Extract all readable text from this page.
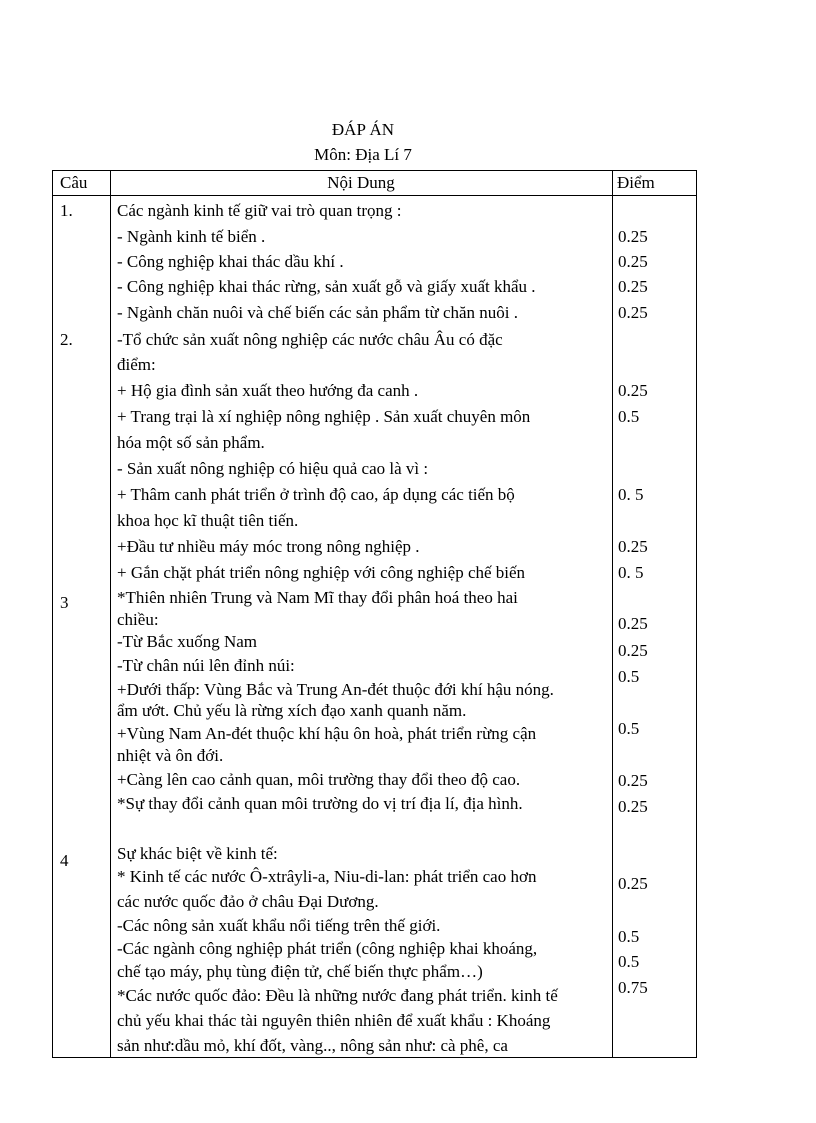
ĐÁP ÁN
Môn: Địa Lí 7
Câu	Nội Dung	Điểm
1.
2.
3
4
Các ngành kinh tế giữ vai trò quan trọng :
- Ngành kinh tế biển .
- Công nghiệp khai thác dầu khí .
- Công nghiệp khai thác rừng, sản xuất gỗ và giấy xuất khẩu .
- Ngành chăn nuôi và chế biến các sản phẩm từ chăn nuôi .
-Tổ chức sản xuất nông nghiệp các nước châu Âu có đặc
điểm:
+ Hộ gia đình sản xuất theo hướng đa canh .
+ Trang trại là xí nghiệp nông nghiệp . Sản xuất chuyên môn
hóa một số sản phẩm.
- Sản xuất nông nghiệp có hiệu quả cao là vì :
+ Thâm canh phát triển ở trình độ cao, áp dụng các tiến bộ
khoa học kĩ thuật tiên tiến.
+Đầu tư nhiều máy móc trong nông nghiệp .
+ Gắn chặt phát triển nông nghiệp với công nghiệp chế biến
*Thiên nhiên Trung và Nam Mĩ thay đổi phân hoá theo hai
chiều:
-Từ Bắc xuống Nam
-Từ chân núi lên đỉnh núi:
+Dưới thấp: Vùng Bắc và Trung An-đét thuộc đới khí hậu nóng.
ẩm ướt. Chủ yếu là rừng xích đạo xanh quanh năm.
+Vùng Nam An-đét thuộc khí hậu ôn hoà, phát triển rừng cận
nhiệt và ôn đới.
+Càng lên cao cảnh quan, môi trường thay đổi theo độ cao.
*Sự thay đổi cảnh quan môi trường do vị trí địa lí, địa hình.
Sự khác biệt về kinh tế:
* Kinh tế các nước Ô-xtrâyli-a, Niu-di-lan: phát triển cao hơn
các nước quốc đảo ở châu Đại Dương.
-Các nông sản xuất khẩu nổi tiếng trên thế giới.
-Các ngành công nghiệp phát triển (công nghiệp khai khoáng,
chế tạo máy, phụ tùng điện tử, chế biến thực phẩm…)
*Các nước quốc đảo: Đều là những nước đang phát triển. kinh tế
chủ yếu khai thác tài nguyên thiên nhiên để xuất khẩu : Khoáng
sản như:dầu mỏ, khí đốt, vàng.., nông sản như: cà phê, ca
0.25
0.25
0.25
0.25
0.25
0.5
0. 5
0.25
0. 5
0.25
0.25
0.5
0.5
0.25
0.25
0.25
0.5
0.5
0.75
